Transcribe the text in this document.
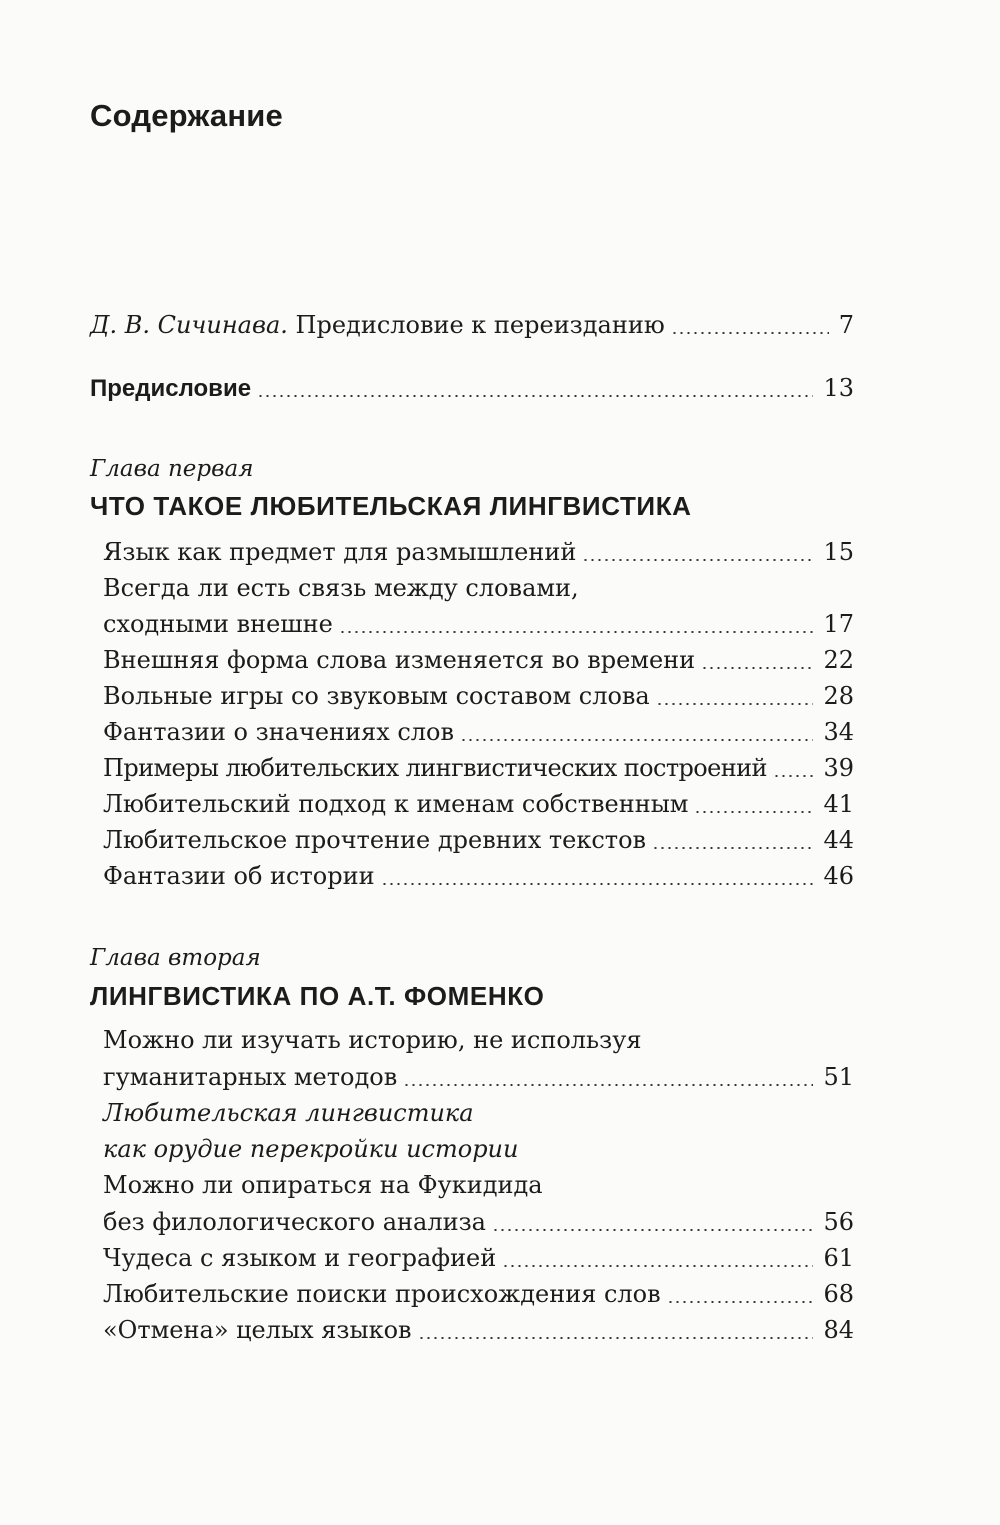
Содержание
Д. В. Сичинава. Предисловие к переизданию	7
Предисловие	13
Глава первая
ЧТО ТАКОЕ ЛЮБИТЕЛЬСКАЯ ЛИНГВИСТИКА
Язык как предмет для размышлений	15
Всегда ли есть связь между словами,
сходными внешне	17
Внешняя форма слова изменяется во времени	22
Вольные игры со звуковым составом слова	28
Фантазии о значениях слов	34
Примеры любительских лингвистических построений 39
Любительский подход к именам собственным	41
Любительское прочтение древних текстов	44
Фантазии об истории	46
Глава вторая
ЛИНГВИСТИКА ПО А.Т. ФОМЕНКО
Можно ли изучать историю, не используя
гуманитарных методов	51
Любительская лингвистика
как орудие перекройки истории
Можно ли опираться на Фукидида
без филологического анализа	56
Чудеса с языком и географией	61
Любительские поиски происхождения слов	68
«Отмена» целых языков	84
